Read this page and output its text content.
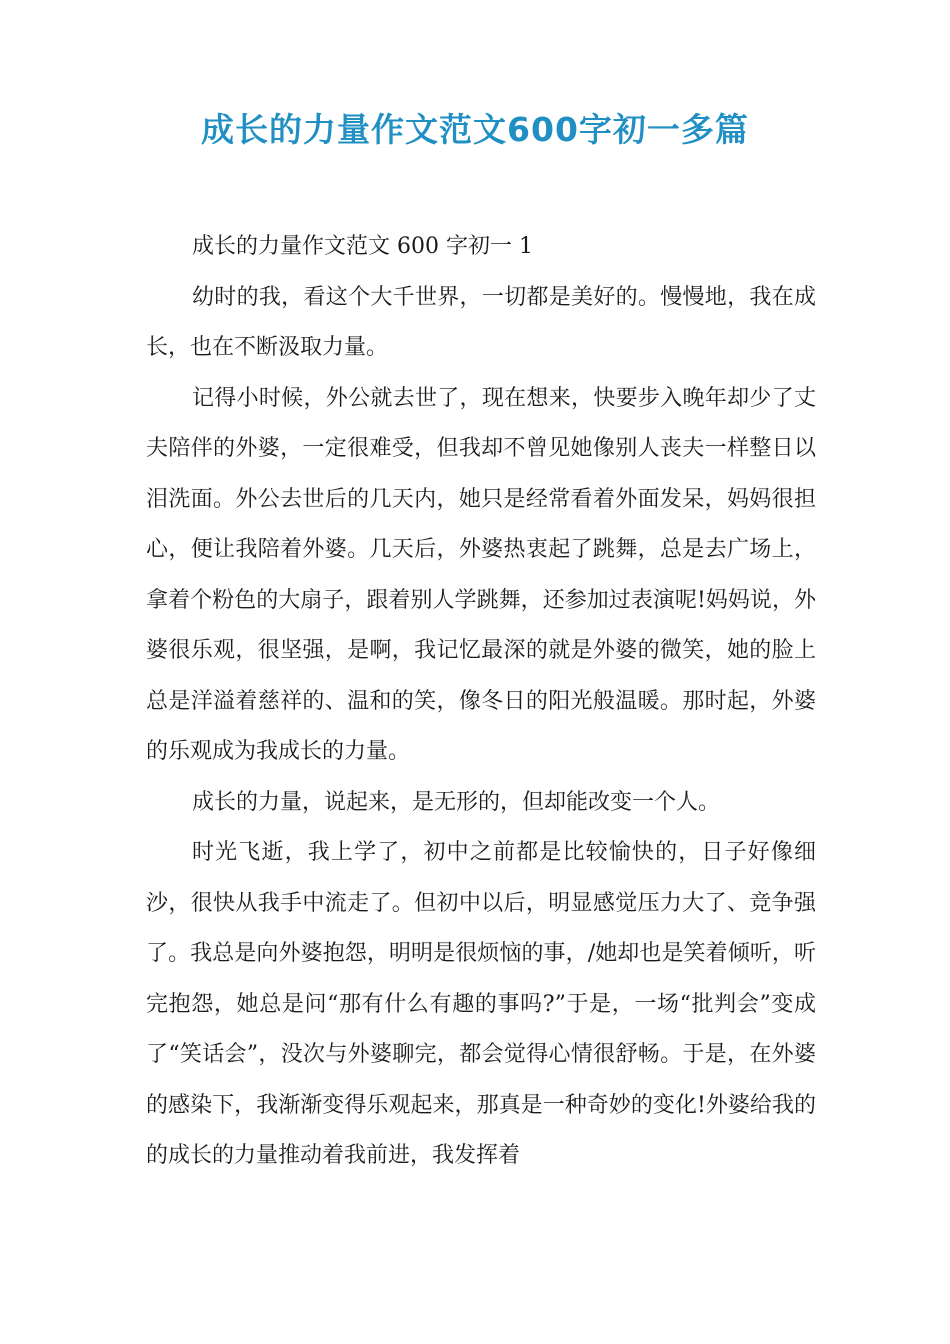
成长的力量作文范文600字初一多篇

成长的力量作文范文 600 字初一 1

幼时的我，看这个大千世界，一切都是美好的。慢慢地，我在成长，也在不断汲取力量。

记得小时候，外公就去世了，现在想来，快要步入晚年却少了丈夫陪伴的外婆，一定很难受，但我却不曾见她像别人丧夫一样整日以泪洗面。外公去世后的几天内，她只是经常看着外面发呆，妈妈很担心，便让我陪着外婆。几天后，外婆热衷起了跳舞，总是去广场上，拿着个粉色的大扇子，跟着别人学跳舞，还参加过表演呢!妈妈说，外婆很乐观，很坚强，是啊，我记忆最深的就是外婆的微笑，她的脸上总是洋溢着慈祥的、温和的笑，像冬日的阳光般温暖。那时起，外婆的乐观成为我成长的力量。

成长的力量，说起来，是无形的，但却能改变一个人。

时光飞逝，我上学了，初中之前都是比较愉快的，日子好像细沙，很快从我手中流走了。但初中以后，明显感觉压力大了、竞争强了。我总是向外婆抱怨，明明是很烦恼的事，/她却也是笑着倾听，听完抱怨，她总是问“那有什么有趣的事吗?”于是，一场“批判会”变成了“笑话会”，没次与外婆聊完，都会觉得心情很舒畅。于是，在外婆的感染下，我渐渐变得乐观起来，那真是一种奇妙的变化!外婆给我的的成长的力量推动着我前进，我发挥着
